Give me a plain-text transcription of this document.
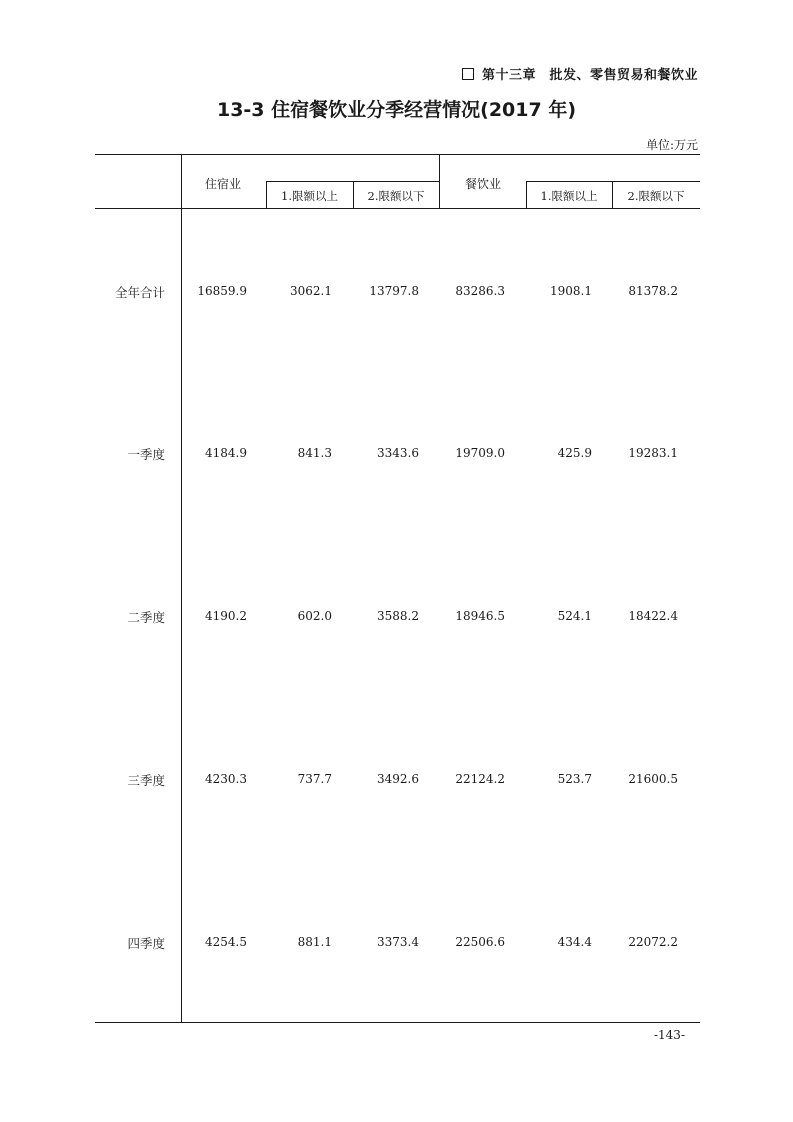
第十三章　批发、零售贸易和餐饮业
13-3 住宿餐饮业分季经营情况(2017 年)
单位:万元
住宿业
1.限额以上	2.限额以下
餐饮业
1.限额以上	2.限额以下
全年合计	16859.9	3062.1	13797.8	83286.3	1908.1	81378.2
一季度	4184.9	841.3	3343.6	19709.0	425.9	19283.1
二季度	4190.2	602.0	3588.2	18946.5	524.1	18422.4
三季度	4230.3	737.7	3492.6	22124.2	523.7	21600.5
四季度	4254.5	881.1	3373.4	22506.6	434.4	22072.2
-143-
